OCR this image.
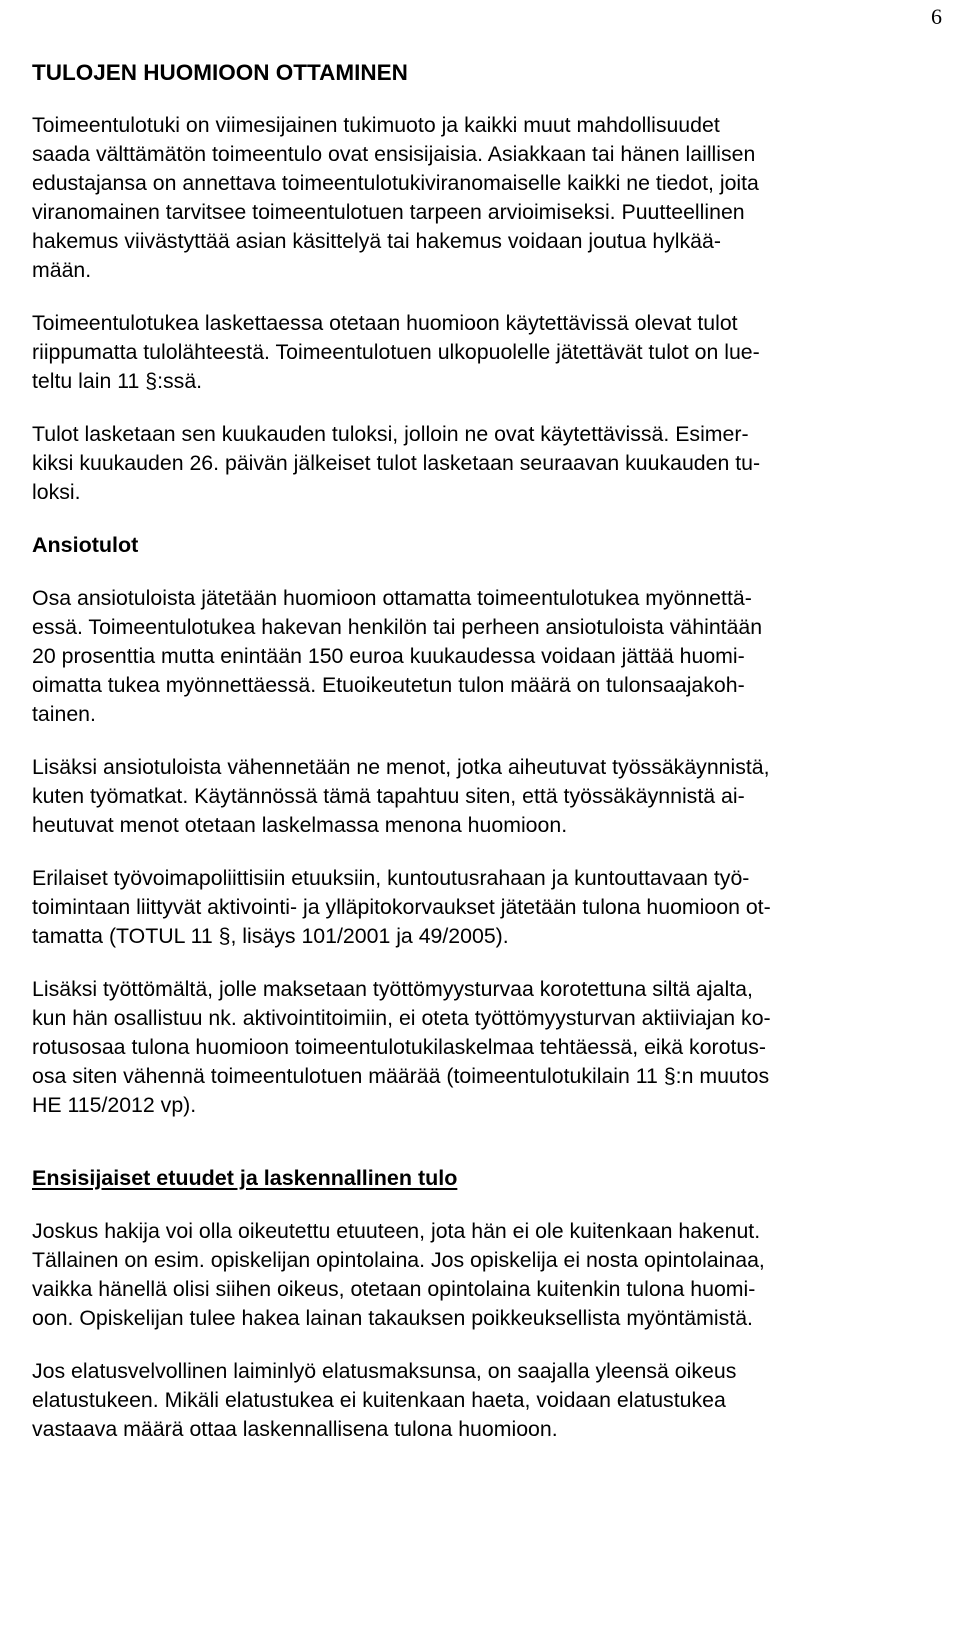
6
TULOJEN HUOMIOON OTTAMINEN

Toimeentulotuki on viimesijainen tukimuoto ja kaikki muut mahdollisuudet
saada välttämätön toimeentulo ovat ensisijaisia. Asiakkaan tai hänen laillisen
edustajansa on annettava toimeentulotukiviranomaiselle kaikki ne tiedot, joita
viranomainen tarvitsee toimeentulotuen tarpeen arvioimiseksi. Puutteellinen
hakemus viivästyttää asian käsittelyä tai hakemus voidaan joutua hylkää-
mään.

Toimeentulotukea laskettaessa otetaan huomioon käytettävissä olevat tulot
riippumatta tulolähteestä. Toimeentulotuen ulkopuolelle jätettävät tulot on lue-
teltu lain 11 §:ssä.

Tulot lasketaan sen kuukauden tuloksi, jolloin ne ovat käytettävissä. Esimer-
kiksi kuukauden 26. päivän jälkeiset tulot lasketaan seuraavan kuukauden tu-
loksi.

Ansiotulot

Osa ansiotuloista jätetään huomioon ottamatta toimeentulotukea myönnettä-
essä. Toimeentulotukea hakevan henkilön tai perheen ansiotuloista vähintään
20 prosenttia mutta enintään 150 euroa kuukaudessa voidaan jättää huomi-
oimatta tukea myönnettäessä. Etuoikeutetun tulon määrä on tulonsaajakoh-
tainen.

Lisäksi ansiotuloista vähennetään ne menot, jotka aiheutuvat työssäkäynnistä,
kuten työmatkat. Käytännössä tämä tapahtuu siten, että työssäkäynnistä ai-
heutuvat menot otetaan laskelmassa menona huomioon.

Erilaiset työvoimapoliittisiin etuuksiin, kuntoutusrahaan ja kuntouttavaan työ-
toimintaan liittyvät aktivointi- ja ylläpitokorvaukset jätetään tulona huomioon ot-
tamatta (TOTUL 11 §, lisäys 101/2001 ja 49/2005).

Lisäksi työttömältä, jolle maksetaan työttömyysturvaa korotettuna siltä ajalta,
kun hän osallistuu nk. aktivointitoimiin, ei oteta työttömyysturvan aktiiviajan ko-
rotusosaa tulona huomioon toimeentulotukilaskelmaa tehtäessä, eikä korotus-
osa siten vähennä toimeentulotuen määrää (toimeentulotukilain 11 §:n muutos
HE 115/2012 vp).

Ensisijaiset etuudet ja laskennallinen tulo

Joskus hakija voi olla oikeutettu etuuteen, jota hän ei ole kuitenkaan hakenut.
Tällainen on esim. opiskelijan opintolaina. Jos opiskelija ei nosta opintolainaa,
vaikka hänellä olisi siihen oikeus, otetaan opintolaina kuitenkin tulona huomi-
oon. Opiskelijan tulee hakea lainan takauksen poikkeuksellista myöntämistä.

Jos elatusvelvollinen laiminlyö elatusmaksunsa, on saajalla yleensä oikeus
elatustukeen. Mikäli elatustukea ei kuitenkaan haeta, voidaan elatustukea
vastaava määrä ottaa laskennallisena tulona huomioon.
